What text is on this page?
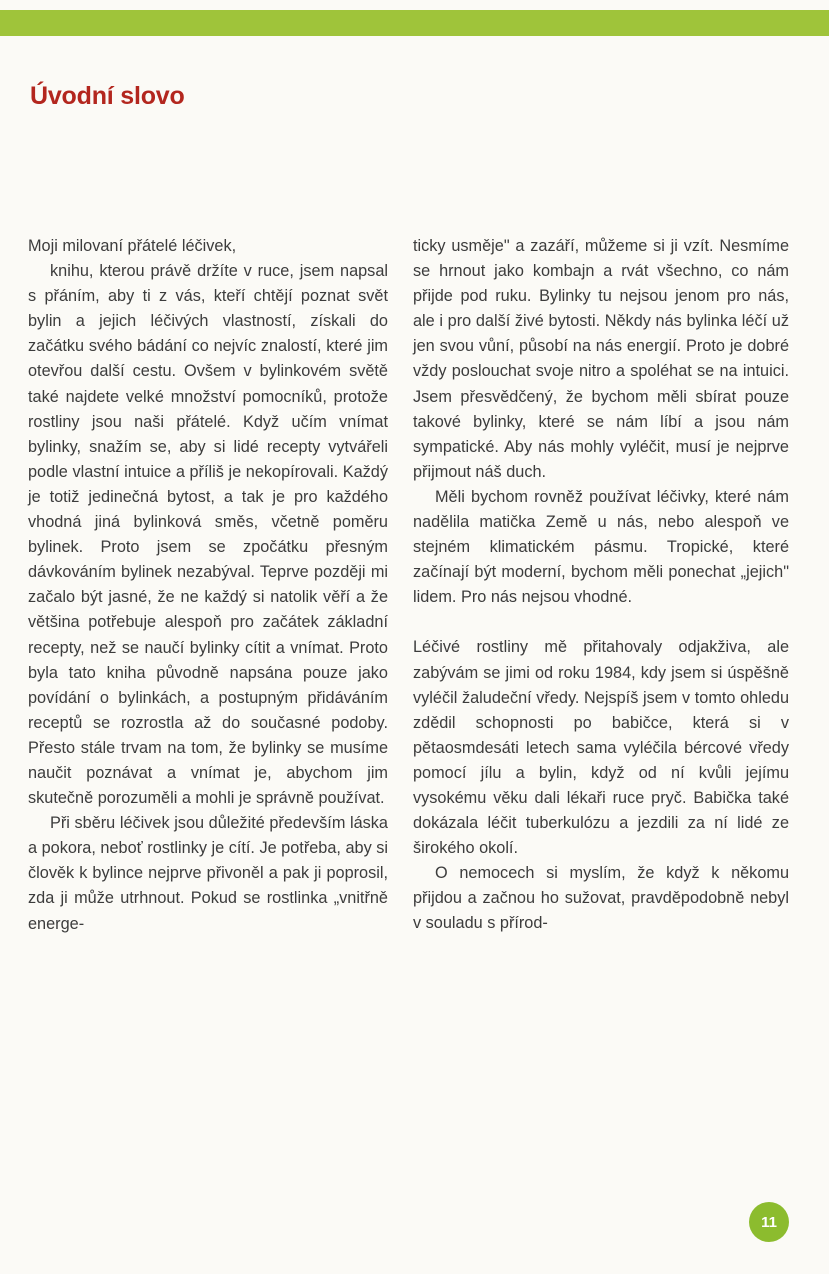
Úvodní slovo

Moji milovaní přátelé léčivek,

knihu, kterou právě držíte v ruce, jsem napsal s přáním, aby ti z vás, kteří chtějí poznat svět bylin a jejich léčivých vlastností, získali do začátku svého bádání co nejvíc znalostí, které jim otevřou další cestu. Ovšem v bylinkovém světě také najdete velké množství pomocníků, protože rostliny jsou naši přátelé. Když učím vnímat bylinky, snažím se, aby si lidé recepty vytvářeli podle vlastní intuice a příliš je nekopírovali. Každý je totiž jedinečná bytost, a tak je pro každého vhodná jiná bylinková směs, včetně poměru bylinek. Proto jsem se zpočátku přesným dávkováním bylinek nezabýval. Teprve později mi začalo být jasné, že ne každý si natolik věří a že většina potřebuje alespoň pro začátek základní recepty, než se naučí bylinky cítit a vnímat. Proto byla tato kniha původně napsána pouze jako povídání o bylinkách, a postupným přidáváním receptů se rozrostla až do současné podoby. Přesto stále trvam na tom, že bylinky se musíme naučit poznávat a vnímat je, abychom jim skutečně porozuměli a mohli je správně používat.

Při sběru léčivek jsou důležité především láska a pokora, neboť rostlinky je cítí. Je potřeba, aby si člověk k bylince nejprve přivoněl a pak ji poprosil, zda ji může utrhnout. Pokud se rostlinka „vnitřně energe-

ticky usměje" a zazáří, můžeme si ji vzít. Nesmíme se hrnout jako kombajn a rvát všechno, co nám přijde pod ruku. Bylinky tu nejsou jenom pro nás, ale i pro další živé bytosti. Někdy nás bylinka léčí už jen svou vůní, působí na nás energií. Proto je dobré vždy poslouchat svoje nitro a spoléhat se na intuici. Jsem přesvědčený, že bychom měli sbírat pouze takové bylinky, které se nám líbí a jsou nám sympatické. Aby nás mohly vyléčit, musí je nejprve přijmout náš duch.

Měli bychom rovněž používat léčivky, které nám nadělila matička Země u nás, nebo alespoň ve stejném klimatickém pásmu. Tropické, které začínají být moderní, bychom měli ponechat „jejich" lidem. Pro nás nejsou vhodné.

Léčivé rostliny mě přitahovaly odjakživa, ale zabývám se jimi od roku 1984, kdy jsem si úspěšně vyléčil žaludeční vředy. Nejspíš jsem v tomto ohledu zdědil schopnosti po babičce, která si v pětaosmdesáti letech sama vyléčila bércové vředy pomocí jílu a bylin, když od ní kvůli jejímu vysokému věku dali lékaři ruce pryč. Babička také dokázala léčit tuberkulózu a jezdili za ní lidé ze širokého okolí.

O nemocech si myslím, že když k někomu přijdou a začnou ho sužovat, pravděpodobně nebyl v souladu s přírod-

11
